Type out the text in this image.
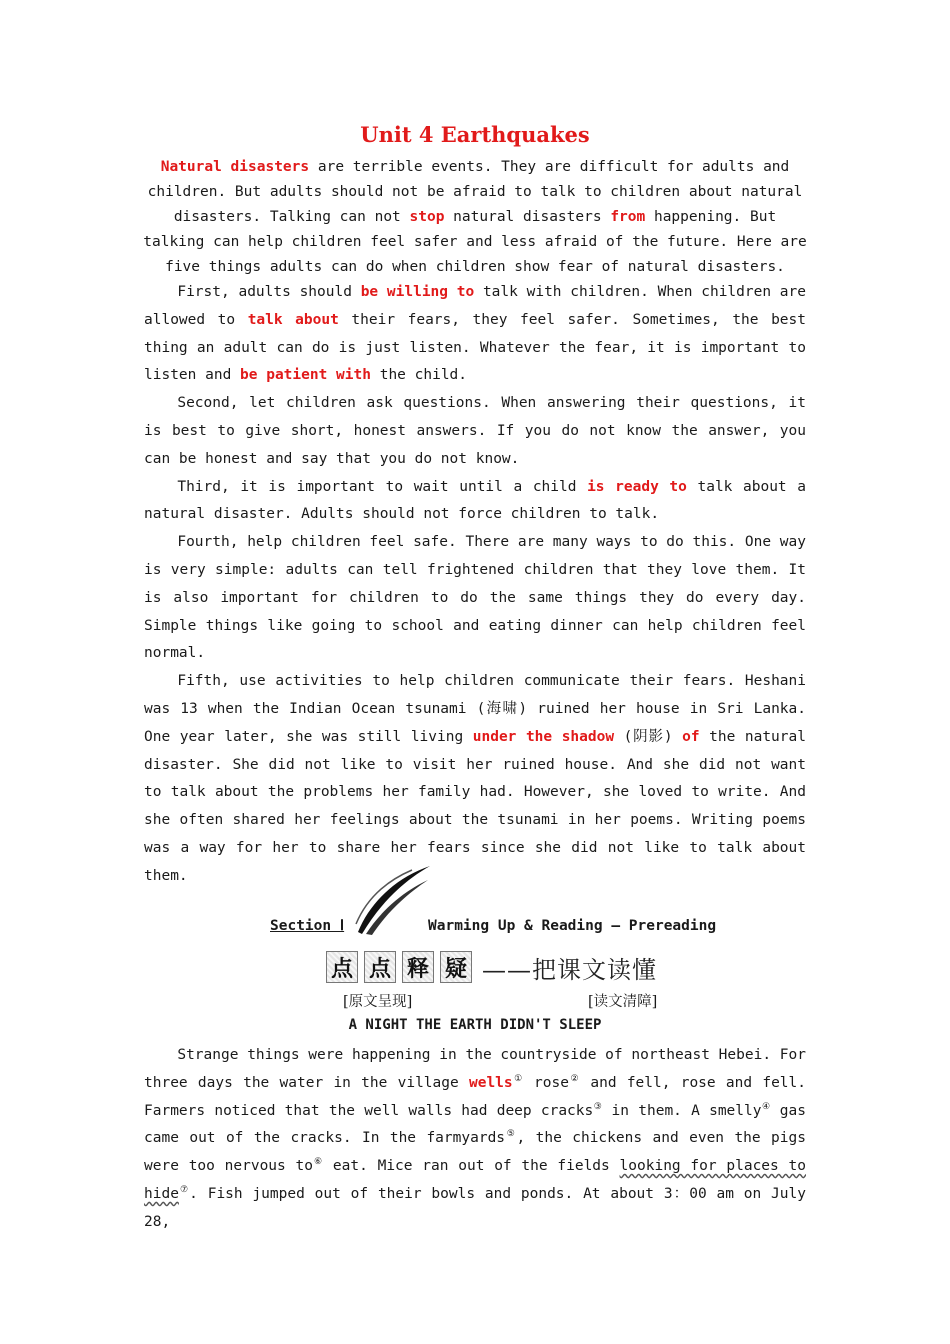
Unit 4 Earthquakes
Natural disasters are terrible events. They are difficult for adults and children. But adults should not be afraid to talk to children about natural disasters. Talking can not stop natural disasters from happening. But talking can help children feel safer and less afraid of the future. Here are five things adults can do when children show fear of natural disasters.

First, adults should be willing to talk with children. When children are allowed to talk about their fears, they feel safer. Sometimes, the best thing an adult can do is just listen. Whatever the fear, it is important to listen and be patient with the child.

Second, let children ask questions. When answering their questions, it is best to give short, honest answers. If you do not know the answer, you can be honest and say that you do not know.

Third, it is important to wait until a child is ready to talk about a natural disaster. Adults should not force children to talk.

Fourth, help children feel safe. There are many ways to do this. One way is very simple: adults can tell frightened children that they love them. It is also important for children to do the same things they do every day. Simple things like going to school and eating dinner can help children feel normal.

Fifth, use activities to help children communicate their fears. Heshani was 13 when the Indian Ocean tsunami (海啸) ruined her house in Sri Lanka. One year later, she was still living under the shadow (阴影) of the natural disaster. She did not like to visit her ruined house. And she did not want to talk about the problems her family had. However, she loved to write. And she often shared her feelings about the tsunami in her poems. Writing poems was a way for her to share her fears since she did not like to talk about them.

Section Ⅰ	Warming Up & Reading — Prereading
点 点 释 疑 ——把课文读懂
[原文呈现]	[读文清障]
A NIGHT THE EARTH DIDN'T SLEEP

Strange things were happening in the countryside of northeast Hebei. For three days the water in the village wells① rose② and fell, rose and fell. Farmers noticed that the well walls had deep cracks③ in them. A smelly④ gas came out of the cracks. In the farmyards⑤, the chickens and even the pigs were too nervous to⑥ eat. Mice ran out of the fields looking for places to hide⑦. Fish jumped out of their bowls and ponds. At about 3：00 am on July 28,
